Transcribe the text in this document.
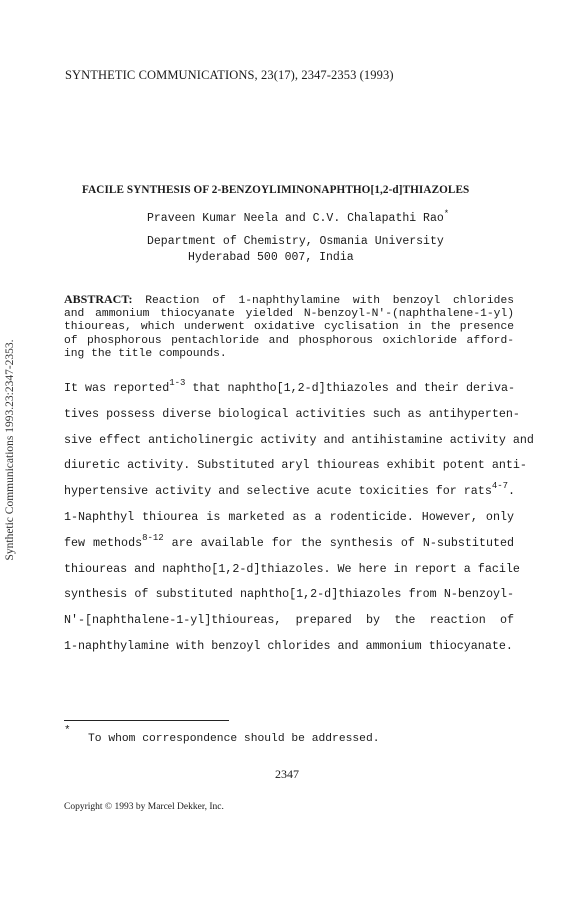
SYNTHETIC COMMUNICATIONS, 23(17), 2347-2353 (1993)
Synthetic Communications 1993.23:2347-2353.
FACILE SYNTHESIS OF 2-BENZOYLIMINONAPHTHO[1,2-d]THIAZOLES
Praveen Kumar Neela and C.V. Chalapathi Rao*
Department of Chemistry, Osmania University
Hyderabad 500 007, India
ABSTRACT: Reaction of 1-naphthylamine with benzoyl chlorides
and ammonium thiocyanate yielded N-benzoyl-N'-(naphthalene-1-yl)
thioureas, which underwent oxidative cyclisation in the presence
of phosphorous pentachloride and phosphorous oxichloride afford-
ing the title compounds.
It was reported$^{1-3}$ that naphtho[1,2-d]thiazoles and their deriva-
tives possess diverse biological activities such as antihyperten-
sive effect anticholinergic activity and antihistamine activity and
diuretic activity. Substituted aryl thioureas exhibit potent anti-
hypertensive activity and selective acute toxicities for rats$^{4-7}$.
1-Naphthyl thiourea is marketed as a rodenticide. However, only
few methods$^{8-12}$ are available for the synthesis of N-substituted
thioureas and naphtho[1,2-d]thiazoles. We here in report a facile
synthesis of substituted naphtho[1,2-d]thiazoles from N-benzoyl-
N'-[naphthalene-1-yl]thioureas, prepared by the reaction of
1-naphthylamine with benzoyl chlorides and ammonium thiocyanate.
*
To whom correspondence should be addressed.
2347
Copyright © 1993 by Marcel Dekker, Inc.
